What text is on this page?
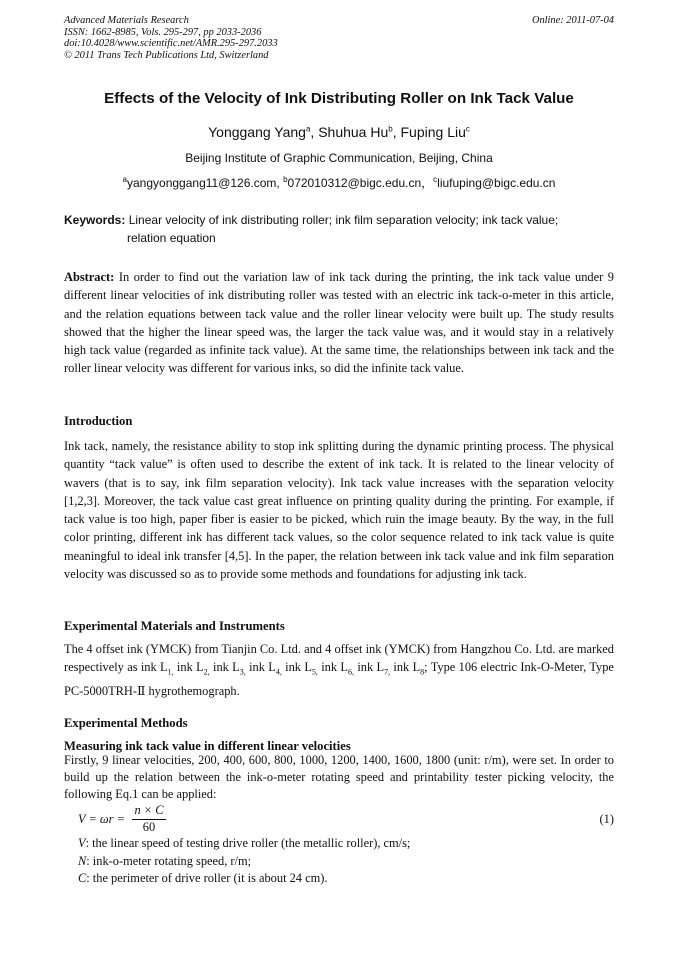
Advanced Materials Research
ISSN: 1662-8985, Vols. 295-297, pp 2033-2036
doi:10.4028/www.scientific.net/AMR.295-297.2033
© 2011 Trans Tech Publications Ltd, Switzerland
Online: 2011-07-04
Effects of the Velocity of Ink Distributing Roller on Ink Tack Value
Yonggang Yang$^a$, Shuhua Hu$^b$, Fuping Liu$^c$
Beijing Institute of Graphic Communication, Beijing, China
$^a$yangyonggang11@126.com, $^b$072010312@bigc.edu.cn，$^c$liufuping@bigc.edu.cn
Keywords: Linear velocity of ink distributing roller; ink film separation velocity; ink tack value;
relation equation
Abstract: In order to find out the variation law of ink tack during the printing, the ink tack value under 9 different linear velocities of ink distributing roller was tested with an electric ink tack-o-meter in this article, and the relation equations between tack value and the roller linear velocity were built up. The study results showed that the higher the linear speed was, the larger the tack value was, and it would stay in a relatively high tack value (regarded as infinite tack value). At the same time, the relationships between ink tack and the roller linear velocity was different for various inks, so did the infinite tack value.
Introduction
Ink tack, namely, the resistance ability to stop ink splitting during the dynamic printing process. The physical quantity “tack value” is often used to describe the extent of ink tack. It is related to the linear velocity of wavers (that is to say, ink film separation velocity). Ink tack value increases with the separation velocity [1,2,3]. Moreover, the tack value cast great influence on printing quality during the printing. For example, if tack value is too high, paper fiber is easier to be picked, which ruin the image beauty. By the way, in the full color printing, different ink has different tack values, so the color sequence related to ink tack value is quite meaningful to ideal ink transfer [4,5]. In the paper, the relation between ink tack value and ink film separation velocity was discussed so as to provide some methods and foundations for adjusting ink tack.
Experimental Materials and Instruments
The 4 offset ink (YMCK) from Tianjin Co. Ltd. and 4 offset ink (YMCK) from Hangzhou Co. Ltd. are marked respectively as ink $L_{1,}$ ink $L_{2,}$ ink $L_{3,}$ ink $L_{4,}$ ink $L_{5,}$ ink $L_{6,}$ ink $L_{7,}$ ink $L_8$; Type 106 electric Ink-O-Meter, Type PC-5000TRH-Ⅱ hygrothemograph.
Experimental Methods
Measuring ink tack value in different linear velocities
Firstly, 9 linear velocities, 200, 400, 600, 800, 1000, 1200, 1400, 1600, 1800 (unit: r/m), were set. In order to build up the relation between the ink-o-meter rotating speed and printability tester picking velocity, the following Eq.1 can be applied:
$V = \omega r = \frac{n \times C}{60}$	(1)
V: the linear speed of testing drive roller (the metallic roller), cm/s;
N: ink-o-meter rotating speed, r/m;
C: the perimeter of drive roller (it is about 24 cm).
